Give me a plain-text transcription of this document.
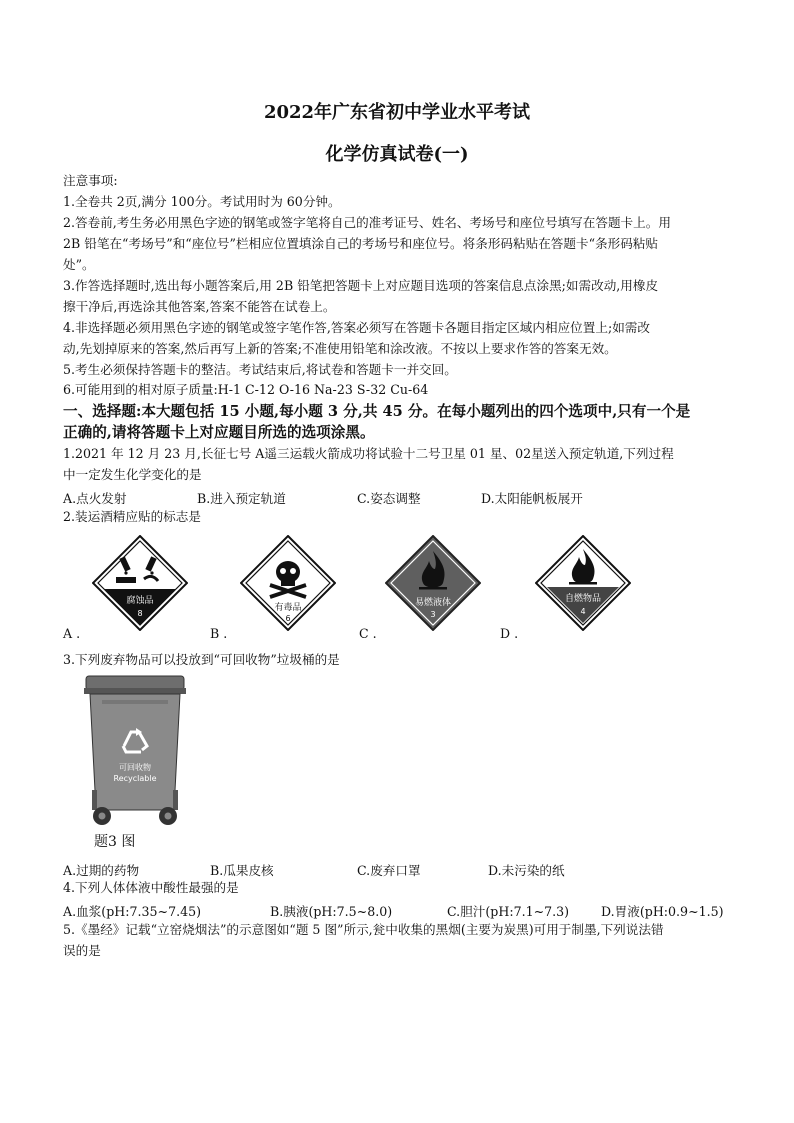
2022年广东省初中学业水平考试
化学仿真试卷(一)
注意事项:
1.全卷共 2页,满分 100分。考试用时为 60分钟。
2.答卷前,考生务必用黑色字迹的钢笔或签字笔将自己的准考证号、姓名、考场号和座位号填写在答题卡上。用
2B 铅笔在“考场号”和“座位号”栏相应位置填涂自己的考场号和座位号。将条形码粘贴在答题卡“条形码粘贴
处”。
3.作答选择题时,选出每小题答案后,用 2B 铅笔把答题卡上对应题目选项的答案信息点涂黑;如需改动,用橡皮
擦干净后,再选涂其他答案,答案不能答在试卷上。
4.非选择题必须用黑色字迹的钢笔或签字笔作答,答案必须写在答题卡各题目指定区域内相应位置上;如需改
动,先划掉原来的答案,然后再写上新的答案;不准使用铅笔和涂改液。不按以上要求作答的答案无效。
5.考生必须保持答题卡的整洁。考试结束后,将试卷和答题卡一并交回。
6.可能用到的相对原子质量:H-1 C-12 O-16 Na-23 S-32 Cu-64
一、选择题:本大题包括 15 小题,每小题 3 分,共 45 分。在每小题列出的四个选项中,只有一个是
正确的,请将答题卡上对应题目所选的选项涂黑。
1.2021 年 12 月 23 月,长征七号 A遥三运载火箭成功将试验十二号卫星 01 星、02星送入预定轨道,下列过程
中一定发生化学变化的是
A.点火发射	B.进入预定轨道	C.姿态调整	D.太阳能帆板展开
2.装运酒精应贴的标志是
腐蚀品
8
有毒品
6
易燃液体
3
自燃物品
4
A .	B .	C .	D .
3.下列废弃物品可以投放到“可回收物”垃圾桶的是
可回收物
Recyclable
题3 图
A.过期的药物	B.瓜果皮核	C.废弃口罩	D.未污染的纸
4.下列人体体液中酸性最强的是
A.血浆(pH:7.35~7.45)	B.胰液(pH:7.5~8.0)	C.胆汁(pH:7.1~7.3)	D.胃液(pH:0.9~1.5)
5.《墨经》记载“立窑烧烟法”的示意图如“题 5 图”所示,瓮中收集的黑烟(主要为炭黑)可用于制墨,下列说法错
误的是
